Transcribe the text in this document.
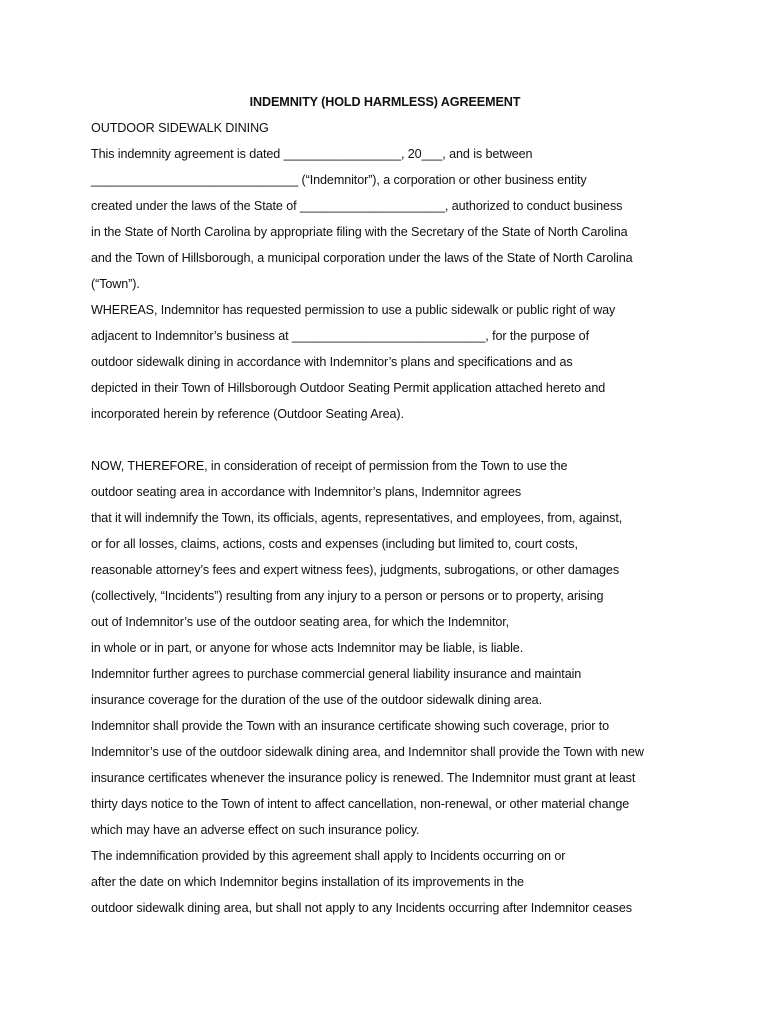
INDEMNITY (HOLD HARMLESS) AGREEMENT
OUTDOOR SIDEWALK DINING
This indemnity agreement is dated _________________, 20___, and is between
______________________________ (“Indemnitor”), a corporation or other business entity
created under the laws of the State of _____________________, authorized to conduct business
in the State of North Carolina by appropriate filing with the Secretary of the State of North Carolina
and the Town of Hillsborough, a municipal corporation under the laws of the State of North Carolina
(“Town”).
WHEREAS, Indemnitor has requested permission to use a public sidewalk or public right of way
adjacent to Indemnitor’s business at ____________________________, for the purpose of
outdoor sidewalk dining in accordance with Indemnitor’s plans and specifications and as
depicted in their Town of Hillsborough Outdoor Seating Permit application attached hereto and
incorporated herein by reference (Outdoor Seating Area).
NOW, THEREFORE, in consideration of receipt of permission from the Town to use the
outdoor seating area in accordance with Indemnitor’s plans, Indemnitor agrees
that it will indemnify the Town, its officials, agents, representatives, and employees, from, against,
or for all losses, claims, actions, costs and expenses (including but limited to, court costs,
reasonable attorney’s fees and expert witness fees), judgments, subrogations, or other damages
(collectively, “Incidents”) resulting from any injury to a person or persons or to property, arising
out of Indemnitor’s use of the outdoor seating area, for which the Indemnitor,
in whole or in part, or anyone for whose acts Indemnitor may be liable, is liable.
Indemnitor further agrees to purchase commercial general liability insurance and maintain
insurance coverage for the duration of the use of the outdoor sidewalk dining area.
Indemnitor shall provide the Town with an insurance certificate showing such coverage, prior to
Indemnitor’s use of the outdoor sidewalk dining area, and Indemnitor shall provide the Town with new
insurance certificates whenever the insurance policy is renewed. The Indemnitor must grant at least
thirty days notice to the Town of intent to affect cancellation, non-renewal, or other material change
which may have an adverse effect on such insurance policy.
The indemnification provided by this agreement shall apply to Incidents occurring on or
after the date on which Indemnitor begins installation of its improvements in the
outdoor sidewalk dining area, but shall not apply to any Incidents occurring after Indemnitor ceases
